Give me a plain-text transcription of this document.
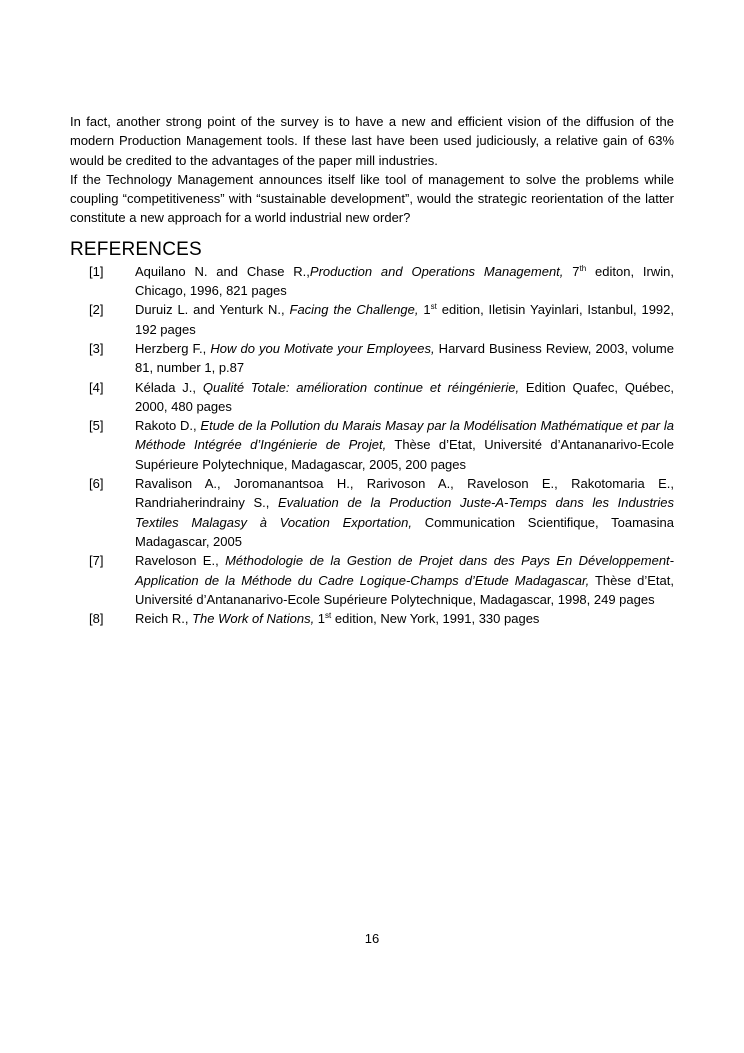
In fact, another strong point of the survey is to have a new and efficient vision of the diffusion of the modern Production Management tools. If these last have been used judiciously, a relative gain of 63% would be credited to the advantages of the paper mill industries.

If the Technology Management announces itself like tool of management to solve the problems while coupling “competitiveness” with “sustainable development”, would the strategic reorientation of the latter constitute a new approach for a world industrial new order?

REFERENCES
[1] Aquilano N. and Chase R.,Production and Operations Management, 7th editon, Irwin, Chicago, 1996, 821 pages
[2] Duruiz L. and Yenturk N., Facing the Challenge, 1st edition, Iletisin Yayinlari, Istanbul, 1992, 192 pages
[3] Herzberg F., How do you Motivate your Employees, Harvard Business Review, 2003, volume 81, number 1, p.87
[4] Kélada J., Qualité Totale: amélioration continue et réingénierie, Edition Quafec, Québec, 2000, 480 pages
[5] Rakoto D., Etude de la Pollution du Marais Masay par la Modélisation Mathématique et par la Méthode Intégrée d’Ingénierie de Projet, Thèse d’Etat, Université d’Antananarivo-Ecole Supérieure Polytechnique, Madagascar, 2005, 200 pages
[6] Ravalison A., Joromanantsoa H., Rarivoson A., Raveloson E., Rakotomaria E., Randriaherindrainy S., Evaluation de la Production Juste-A-Temps dans les Industries Textiles Malagasy à Vocation Exportation, Communication Scientifique, Toamasina Madagascar, 2005
[7] Raveloson E., Méthodologie de la Gestion de Projet dans des Pays En Développement-Application de la Méthode du Cadre Logique-Champs d’Etude Madagascar, Thèse d’Etat, Université d’Antananarivo-Ecole Supérieure Polytechnique, Madagascar, 1998, 249 pages
[8] Reich R., The Work of Nations, 1st edition, New York, 1991, 330 pages
16
